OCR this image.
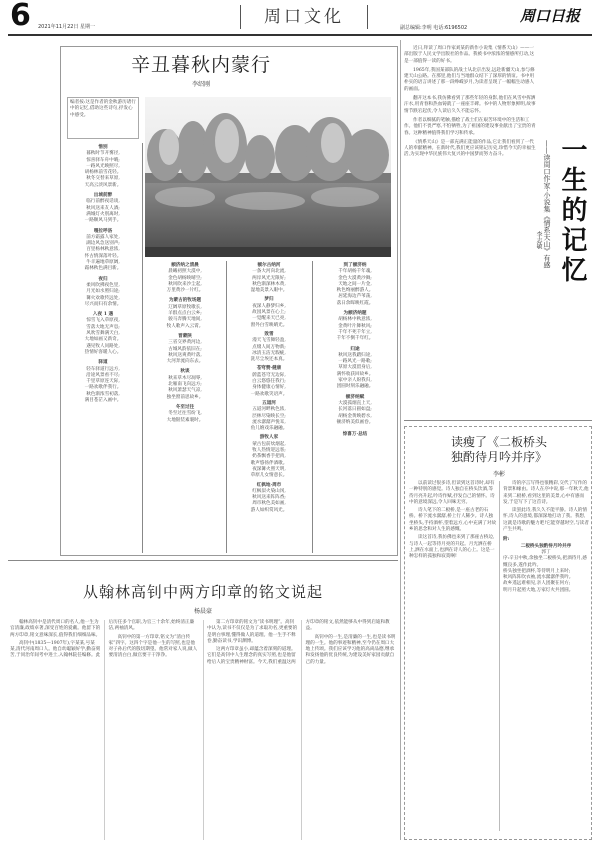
6 2021年11月22日 星期一	周口文化
副总编辑:李明 电话:6196502
周口日报
辛丑暮秋内蒙行
李绍刚
编者按:这是作者的金秋游历诸行中的记忆,借助这些诗句,抒发心中感受。
惜别
暮秋时节开雾径,
惊喜驿车舟中晴;
一路风光映照尽,
胡杨林前雪花轻。
秋冬交替来草原,
天高云淡风景新。
出城前醉
临行前醉夜话谈,
秋风送来友人酒;
满城灯火别离时,
一路顺风马到手。
嘎拉呼洛
前方霜露人家处,
湖边风急送别声;
百里杨林秋意浓,
怀古情深落叶轻。
牛羊遍地草原阔,
霜林秋色满目新。
夜归
柔风吹拂夜色里,
月光如水照归途;
篝火欢歌传远处,
尽兴而归有余情。
入夜 1 遇
惊雪飞入草原夜,
雪落大地无声息;
风吹雪舞满天白,
大地如画又新奇。
遇见牧人问路处,
热情好客暖人心。
驿道
轻车驿道行远方,
沿途风景看不尽;
千里草原连天际,
一路欢歌伴我行。
秋色渐浓雪初落,
满目苍茫入画中。
额济纳之清晨
晨曦初照大漠中,
金色胡杨映晴空;
秋风吹来沙尘起,
万里黄沙一片红。
为蒙古的牧场题
辽阔草原牧歌长,
羊群点点白云乡;
骏马奔腾天地间,
牧人歌声入云霄。
晋蒙陕
三省交界黄河边,
古城风韵依旧在;
秋风送爽黄叶落,
大河奔流向东去。
秋谈
秋来草木尽凋零,
北雁南飞向远方;
秋风萧瑟天气凉,
独坐窗前思故乡。
冬至过往
冬至过往雪纷飞,
大地银装素裹时。
额尔古纳河
一条大河向北流,
两岸风光无限好;
秋色渐深林木黄,
湿地美景入眼中。
梦归
夜深人静梦归乡,
故园风景在心上;
一觉醒来天已亮,
窗外白雪映晴光。
致雪
漫天飞雪舞轻盈,
点缀人间万物新;
冰清玉洁无瑕疵,
洗尽尘埃还本真。
苍穹赞·健康
蔚蓝苍穹无边际,
白云悠悠任我行;
身体健康心情好,
一路欢歌笑语声。
五道河
五道河畔秋色浓,
层林尽染映长空;
流水潺潺声悦耳,
鱼儿嬉戏乐融融。
游牧人家
蒙古包前炊烟起,
牧人热情迎远客;
奶茶飘香手把肉,
歌声悠扬伴酒歌。
夜深篝火照天明,
草原儿女情意长。
红枫地·周市
红枫似火染山冈,
秋风送来阵阵香;
周市秋色美如画,
游人如织赏风光。
到了额济纳
千年胡杨千年魂,
金色大漠黄沙舞;
天地之间一片金,
秋色绚丽醉游人。
居延海边芦苇荡,
落日余晖映红霞。
为额济纳题
胡杨林中秋意浓,
金黄叶片舞秋风;
千年不死千年立,
千年不倒千年红。
归途
秋风送我踏归途,
一路风光一路歌;
草原大漠留身后,
满怀收获回故乡。
家中亲人盼我归,
团圆时刻乐融融。
额济纳赋
大漠孤烟直上天,
长河落日圆如盘;
胡杨金黄映碧水,
额济纳美似画卷。
惊喜万·总结
近日,拜读了周口作家刘某的新作小说集《情系天山》——一部出版于人民文学出版社的作品。我被书中浓浓的情感所打动,这是一部值得一读的好书。
1965年,我国某部队的战士从北京出发,远赴新疆天山,参与修建天山公路。在那里,他们与当地群众结下了深厚的情谊。书中用朴实的语言讲述了那一段峥嵘岁月,为读者呈现了一幅幅生动感人的画面。
翻开这本书,我仿佛看到了那些年轻的身影,他们在风雪中挥洒汗水,用青春和热血铸就了一座座丰碑。书中的人物形象鲜明,故事情节跌宕起伏,令人读后久久不能忘怀。
作者以细腻的笔触,描绘了战士们在艰苦环境中的生活和工作。他们不畏严寒,不怕牺牲,为了祖国的建设事业献出了宝贵的青春。这种精神值得我们学习和传承。
《情系天山》是一部充满正能量的作品,它让我们看到了一代人的奉献精神。在新时代,我们更应该铭记历史,珍惜今天的幸福生活,为实现中华民族伟大复兴的中国梦而努力奋斗。	一生的记忆
——读周口作家·小说集《情系天山》有感
李志敏
读瘦了《二板桥头
独酌待月吟并序》
李彬
以前读过很多诗,但读到这首诗时,却有一种特别的感觉。诗人独自在桥头饮酒,等待月亮升起,吟诗作赋,抒发自己的情怀。诗中的意境深远,令人回味无穷。
诗人笔下的二板桥,是一座古老的石桥。桥下流水潺潺,桥上行人稀少。诗人独坐桥头,手持酒杯,望着远方,心中充满了对故乡的思念和对人生的感慨。
读这首诗,我仿佛也来到了那座古桥边,与诗人一起等待月亮的升起。月光洒在桥上,洒在水面上,也洒在诗人的心上。这是一种怎样的孤独和寂寞啊!
诗的序言写得也很精彩,交代了写作的背景和缘由。诗人在序中说,那一年秋天,他来到二板桥,看到这里的美景,心中有感而发,于是写下了这首诗。
读罢此诗,我久久不能平静。诗人的情怀,诗人的意境,都深深地打动了我。我想,这就是诗歌的魅力吧!它能穿越时空,与读者产生共鸣。
附:
二板桥头独酌待月吟并序
郭丁
序:辛丑中秋,余独坐二板桥头,把酒待月,感慨良多,遂作此吟。
桥头独坐把酒杯,等待明月上来时;
秋风阵阵吹衣袖,流水潺潺伴我吟。
故乡遥远难相见,亲人团聚在何方;
明月升起照大地,万家灯火共团圆。
从翰林高钊中两方印章的铭文说起
杨晨豪
翰林高钊中是清代周口的名人,他一生为官清廉,政绩卓著,深受百姓的爱戴。他留下的两方印章,铭文意味深长,值得我们细细品味。
高钊中(1835—1907年),字某某,号某某,清代河南周口人。他自幼聪颖好学,勤奋刻苦,于同治年间考中进士,入翰林院任编修。此后历任多个官职,为官三十余年,始终清正廉洁,两袖清风。
高钊中的第一方印章,铭文为“清白传家”四字。这四个字是他一生的写照,也是他对子孙后代的殷切期望。他常对家人说,做人要清清白白,做官要干干净净。
第二方印章的铭文为“读书明理”。高钊中认为,读书不仅仅是为了求取功名,更重要的是明白事理,懂得做人的道理。他一生手不释卷,勤奋读书,学识渊博。
这两方印章虽小,却蕴含着深刻的道理。它们是高钊中人生理念的真实写照,也是他留给后人的宝贵精神财富。今天,我们重温这两方印章的铭文,依然能够从中得到启迪和教益。
高钊中的一生,是清廉的一生,也是读书明理的一生。他的事迹和精神,至今仍在周口大地上传颂。我们应该学习他的高尚品德,继承和发扬他的优良传统,为建设美好家园贡献自己的力量。
